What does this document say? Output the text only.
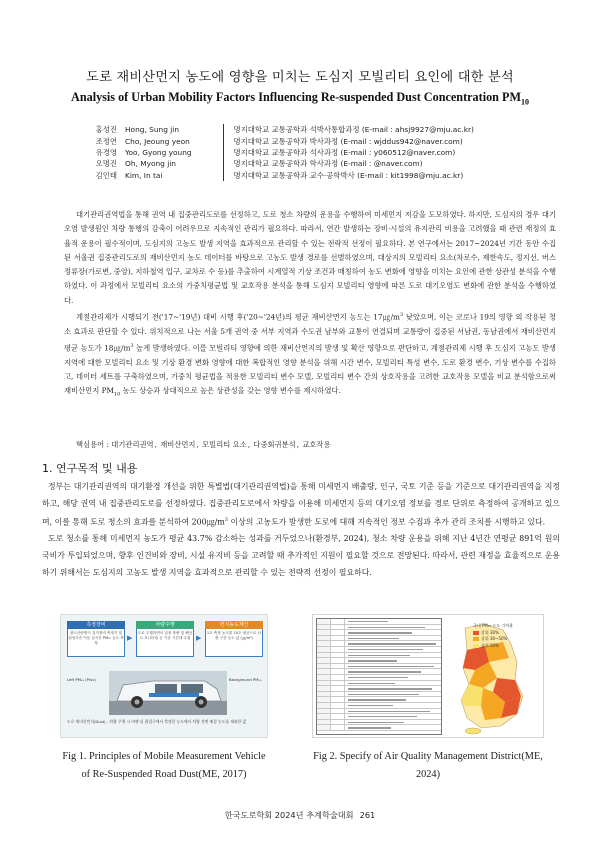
도로 재비산먼지 농도에 영향을 미치는 도심지 모빌리티 요인에 대한 분석
Analysis of Urban Mobility Factors Influencing Re-suspended Dust Concentration $PM_{10}$
홍성진	Hong, Sung jin	명지대학교 교통공학과 석박사통합과정 (E-mail : ahsj9927@mju.ac.kr)
조정연	Cho, Jeoung yeon	명지대학교 교통공학과 박사과정 (E-mail : wjddus942@naver.com)
유경영	Yoo, Gyong young	명지대학교 교통공학과 석사과정 (E-mail : y060512@naver.com)
오명진	Oh, Myong jin	명지대학교 교통공학과 학사과정 (E-mail : @naver.com)
김인태	Kim, In tai	명지대학교 교통공학과 교수·공학박사 (E-mail : kit1998@mju.ac.kr)

대기관리권역법을 통해 권역 내 집중관리도로를 선정하고, 도로 청소 차량의 운용을 수행하여 미세먼지 저감을 도모하였다. 하지만, 도심지의 경우 대기오염 발생원인 차량 통행의 감축이 어려우므로 지속적인 관리가 필요하다. 따라서, 연간 발생하는 장비·시설의 유지관리 비용을 고려했을 때 관련 재정의 효율적 운용이 필수적이며, 도심지의 고농도 발생 지역을 효과적으로 관리할 수 있는 전략적 선정이 필요하다. 본 연구에서는 2017~2024년 기간 동안 수집된 서울권 집중관리도로의 재비산먼지 농도 데이터를 바탕으로 고농도 발생 경로를 선별하였으며, 대상지의 모빌리티 요소(차로수, 제한속도, 정지선, 버스정류장(가로변, 중앙), 지하철역 입구, 교차로 수 등)를 추출하여 시계열적 기상 조건과 매칭하여 농도 변화에 영향을 미치는 요인에 관한 상관성 분석을 수행하였다. 이 과정에서 모빌리티 요소의 가중치평균법 및 교호작용 분석을 통해 도심지 모빌리티 영향에 따른 도로 대기오염도 변화에 관한 분석을 수행하였다.

계절관리제가 시행되기 전('17~'19년) 대비 시행 후('20~'24년)의 평균 재비산먼지 농도는 $17㎍/m^3$ 낮았으며, 이는 코로나 19의 영향 외 작용된 청소 효과로 판단할 수 있다. 위치적으로 나는 서울 5개 권역 중 서부 지역과 수도권 남부와 교통이 연결되며 교통량이 집중된 서남권, 동남권에서 재비산먼지 평균 농도가 $18㎍/m^3$ 높게 발생하였다. 이를 모빌리티 영향에 의한 재비산먼지의 발생 및 확산 영향으로 판단하고, 계절관리제 시행 후 도심지 고농도 발생 지역에 대한 모빌리티 요소 및 기상 환경 변화 영향에 대한 복합적인 영향 분석을 위해 시간 변수, 모빌리티 특성 변수, 도로 환경 변수, 기상 변수를 수집하고, 데이터 세트를 구축하였으며, 가중치 평균법을 적용한 모빌리티 변수 모델, 모빌리티 변수 간의 상호작용을 고려한 교호작용 모델을 비교 분석함으로써 재비산먼지 $PM_{10}$ 농도 상승과 상대적으로 높은 상관성을 갖는 영향 변수를 제시하였다.

핵심용어 : 대기관리권역, 재비산먼지, 모빌리티 요소, 다중회귀분석, 교호작용
1. 연구목적 및 내용

정부는 대기관리권역의 대기환경 개선을 위한 특별법(대기관리권역법)을 통해 미세먼지 배출량, 인구, 국토 기준 등을 기준으로 대기관리권역을 지정하고, 해당 권역 내 집중관리도로를 선정하였다. 집중관리도로에서 차량을 이용해 미세먼지 등의 대기오염 정보를 경로 단위로 측정하여 공개하고 있으며, 이를 통해 도로 청소의 효과를 분석하여 $200㎍/m^3$ 이상의 고농도가 발생한 도로에 대해 지속적인 정보 수집과 추가 관리 조치를 시행하고 있다.

도로 청소를 통해 미세먼지 농도가 평균 43.7% 감소하는 성과를 거두었으나(환경부, 2024), 청소 차량 운용을 위해 지난 4년간 연평균 891억 원의 국비가 투입되었으며, 향후 인건비와 장비, 시설 유지비 등을 고려할 때 추가적인 지원이 필요할 것으로 전망된다. 따라서, 관련 재정을 효율적으로 운용하기 위해서는 도심지의 고농도 발생 지역을 효과적으로 관리할 수 있는 전략적 선정이 필요하다.

측정장비
광도산란방식 검지장비 측정기 및 위성사진 이동 실시간 PM₁₀ 농도 측정
▶
차량주행
도로 주행하면서 일정 중량 및 해상도 모니터링 등 기준 시간대 수집 ▶
면지농도계산
1초 측정 농도를 10초 평균으로 산출 구간 농도 값 (㎍/m³)
Left PM₁₀ (Plus)	Background PM₁₀
도로 재비산먼지(Dust) - 차량 주행 시 바퀴 뒤 흡입구에서 측정한 농도에서 차량 전면 배경 농도를 제외한 값
국내 PM₁₀ 농도 기여율
상위 30%
상위 30~50%
상위 50%
Fig 1. Principles of Mobile Measurement Vehicle of Re-Suspended Road Dust(ME, 2017)
Fig 2. Specify of Air Quality Management District(ME, 2024)
한국도로학회 2024년 추계학술대회 261
